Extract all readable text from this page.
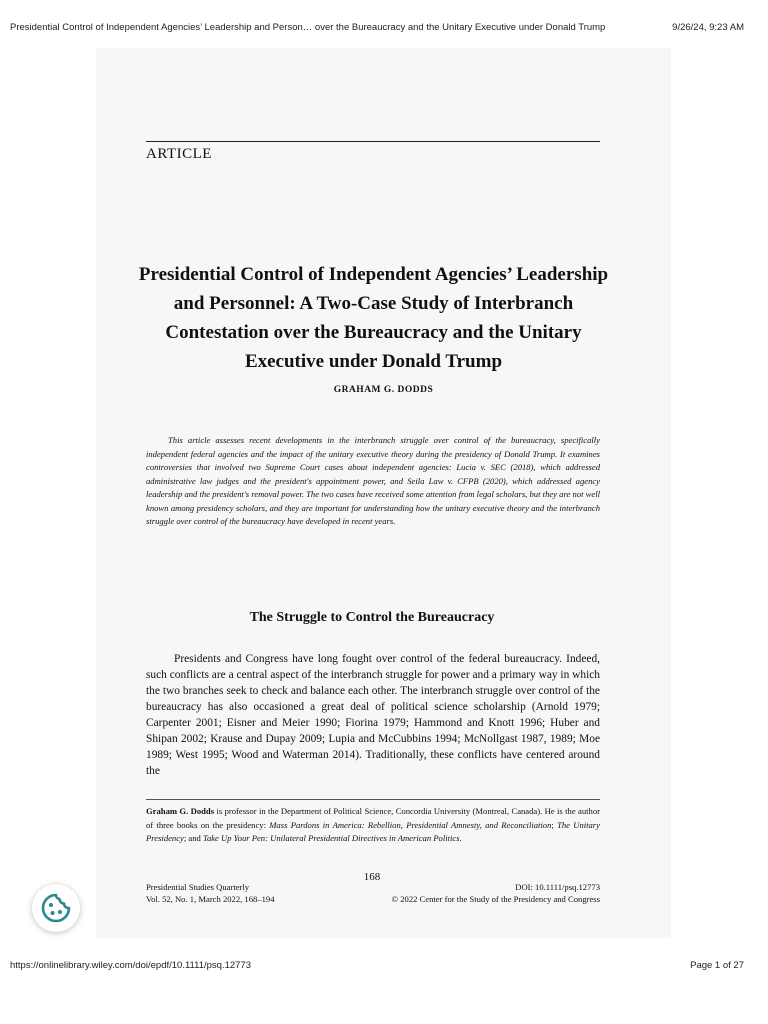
Presidential Control of Independent Agencies’ Leadership and Person… over the Bureaucracy and the Unitary Executive under Donald Trump	9/26/24, 9:23 AM
ARTICLE
Presidential Control of Independent Agencies’ Leadership and Personnel: A Two-Case Study of Interbranch Contestation over the Bureaucracy and the Unitary Executive under Donald Trump
GRAHAM G. DODDS

This article assesses recent developments in the interbranch struggle over control of the bureaucracy, specifically independent federal agencies and the impact of the unitary executive theory during the presidency of Donald Trump. It examines controversies that involved two Supreme Court cases about independent agencies: Lucia v. SEC (2018), which addressed administrative law judges and the president's appointment power, and Seila Law v. CFPB (2020), which addressed agency leadership and the president's removal power. The two cases have received some attention from legal scholars, but they are not well known among presidency scholars, and they are important for understanding how the unitary executive theory and the interbranch struggle over control of the bureaucracy have developed in recent years.

The Struggle to Control the Bureaucracy

Presidents and Congress have long fought over control of the federal bureaucracy. Indeed, such conflicts are a central aspect of the interbranch struggle for power and a primary way in which the two branches seek to check and balance each other. The interbranch struggle over control of the bureaucracy has also occasioned a great deal of political science scholarship (Arnold 1979; Carpenter 2001; Eisner and Meier 1990; Fiorina 1979; Hammond and Knott 1996; Huber and Shipan 2002; Krause and Dupay 2009; Lupia and McCubbins 1994; McNollgast 1987, 1989; Moe 1989; West 1995; Wood and Waterman 2014). Traditionally, these conflicts have centered around the

Graham G. Dodds is professor in the Department of Political Science, Concordia University (Montreal, Canada). He is the author of three books on the presidency: Mass Pardons in America: Rebellion, Presidential Amnesty, and Reconciliation; The Unitary Presidency; and Take Up Your Pen: Unilateral Presidential Directives in American Politics.

168
Presidential Studies Quarterly
Vol. 52, No. 1, March 2022, 168–194
DOI: 10.1111/psq.12773
© 2022 Center for the Study of the Presidency and Congress
https://onlinelibrary.wiley.com/doi/epdf/10.1111/psq.12773	Page 1 of 27
